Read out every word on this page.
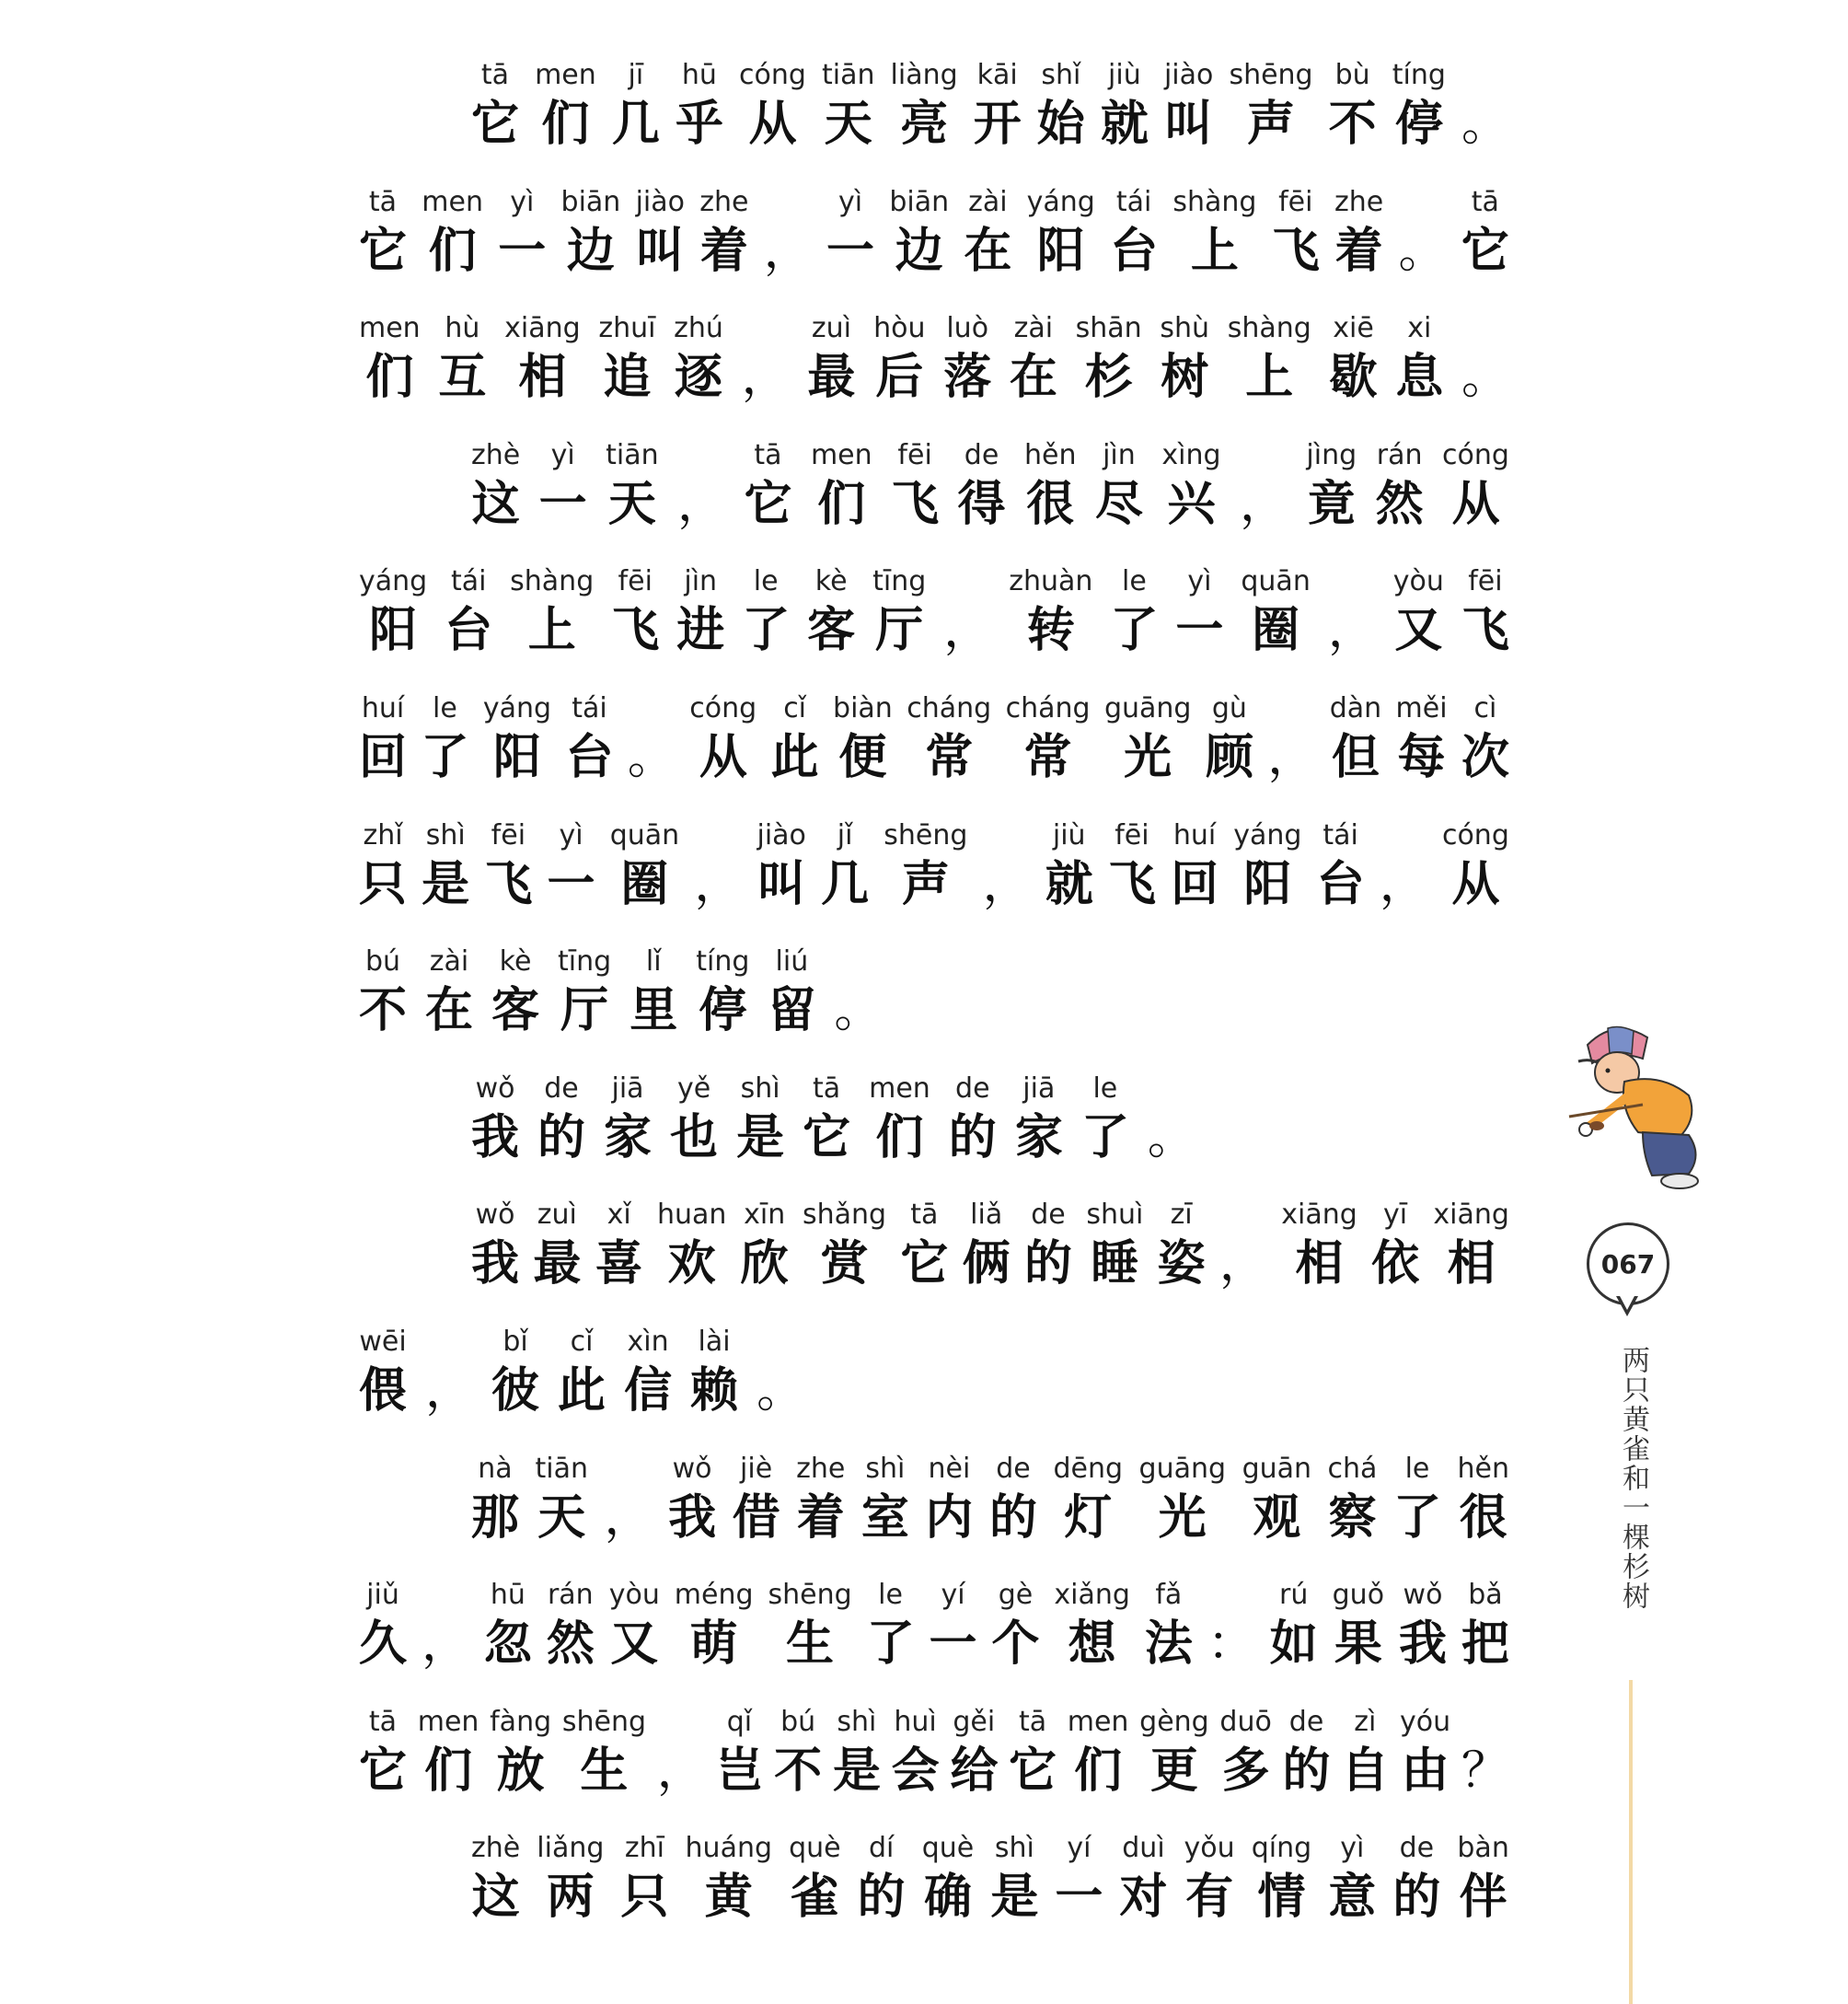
tā
它
men
们
jī
几
hū
乎
cóng
从
tiān
天
liàng
亮
kāi
开
shǐ
始
jiù
就
jiào
叫
shēng
声
bù
不
tíng
停 。
tā
它
men
们
yì
一
biān
边
jiào
叫
zhe
着 ，
yì
一
biān
边
zài
在
yáng
阳
tái
台
shàng
上
fēi
飞
zhe
着 。
tā
它
men
们
hù
互
xiāng
相
zhuī
追
zhú
逐 ，
zuì
最
hòu
后
luò
落
zài
在
shān
杉
shù
树
shàng
上
xiē
歇
xi
息 。
zhè
这
yì
一
tiān
天 ，
tā
它
men
们
fēi
飞
de
得
hěn
很
jìn
尽
xìng
兴 ，
jìng
竟
rán
然
cóng
从
yáng
阳
tái
台
shàng
上
fēi
飞
jìn
进
le
了
kè
客
tīng
厅 ，
zhuàn
转
le
了
yì
一
quān
圈 ，
yòu
又
fēi
飞
huí
回
le
了
yáng
阳
tái
台 。
cóng
从
cǐ
此
biàn
便
cháng
常
cháng
常
guāng
光
gù
顾 ，
dàn
但
měi
每
cì
次
zhǐ
只
shì
是
fēi
飞
yì
一
quān
圈 ，
jiào
叫
jǐ
几
shēng
声 ，
jiù
就
fēi
飞
huí
回
yáng
阳
tái
台 ，
cóng
从
bú
不
zài
在
kè
客
tīng
厅
lǐ
里
tíng
停
liú
留 。
wǒ
我
de
的
jiā
家
yě
也
shì
是
tā
它
men
们
de
的
jiā
家
le
了 。
wǒ
我
zuì
最
xǐ
喜
huan
欢
xīn
欣
shǎng
赏
tā
它
liǎ
俩
de
的
shuì
睡
zī
姿 ，
xiāng
相
yī
依
xiāng
相
wēi
偎 ，
bǐ
彼
cǐ
此
xìn
信
lài
赖 。
nà
那
tiān
天 ，
wǒ
我
jiè
借
zhe
着
shì
室
nèi
内
de
的
dēng
灯
guāng
光
guān
观
chá
察
le
了
hěn
很
jiǔ
久 ，
hū
忽
rán
然
yòu
又
méng
萌
shēng
生
le
了
yí
一
gè
个
xiǎng
想
fǎ
法 ：
rú
如
guǒ
果
wǒ
我
bǎ
把
tā
它
men
们
fàng
放
shēng
生 ，
qǐ
岂
bú
不
shì
是
huì
会
gěi
给
tā
它
men
们
gèng
更
duō
多
de
的
zì
自
yóu
由 ？
zhè
这
liǎng
两
zhī
只
huáng
黄
què
雀
dí
的
què
确
shì
是
yí
一
duì
对
yǒu
有
qíng
情
yì
意
de
的
bàn
伴
067
两只黄雀和一棵杉树
